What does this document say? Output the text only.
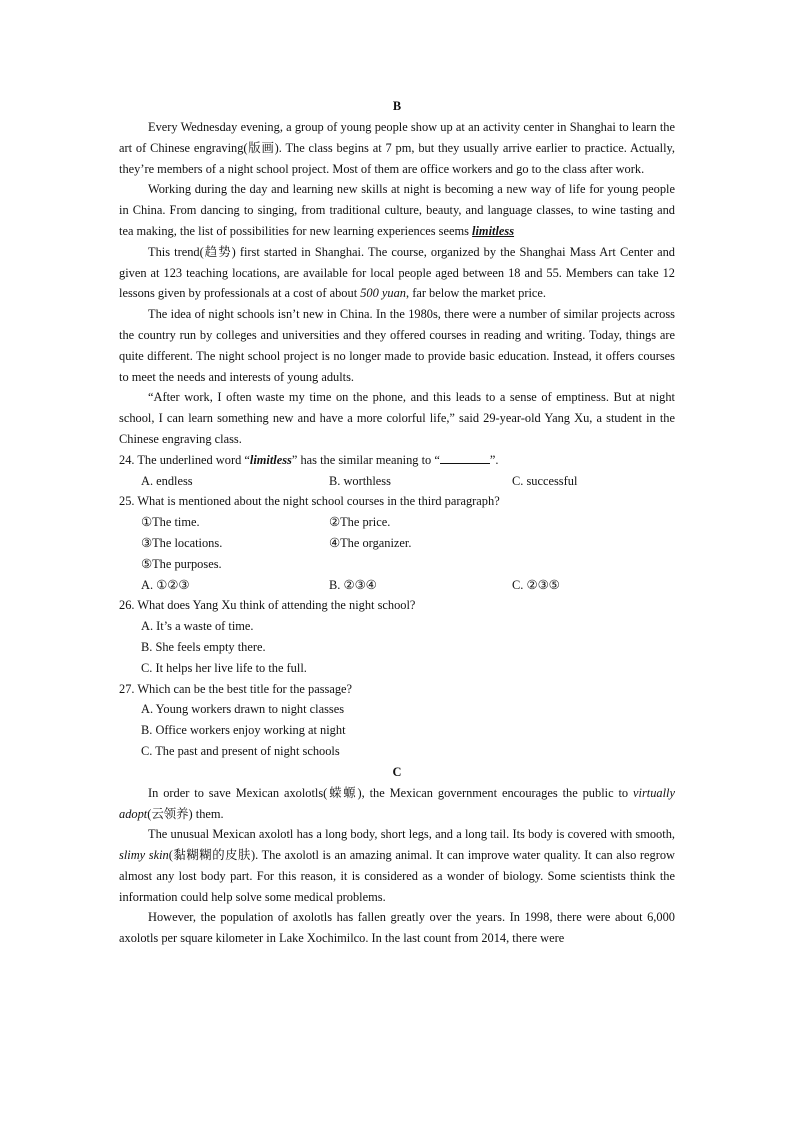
B

Every Wednesday evening, a group of young people show up at an activity center in Shanghai to learn the art of Chinese engraving(版画). The class begins at 7 pm, but they usually arrive earlier to practice. Actually, they’re members of a night school project. Most of them are office workers and go to the class after work.

Working during the day and learning new skills at night is becoming a new way of life for young people in China. From dancing to singing, from traditional culture, beauty, and language classes, to wine tasting and tea making, the list of possibilities for new learning experiences seems limitless

This trend(趋势) first started in Shanghai. The course, organized by the Shanghai Mass Art Center and given at 123 teaching locations, are available for local people aged between 18 and 55. Members can take 12 lessons given by professionals at a cost of about 500 yuan, far below the market price.

The idea of night schools isn’t new in China. In the 1980s, there were a number of similar projects across the country run by colleges and universities and they offered courses in reading and writing. Today, things are quite different. The night school project is no longer made to provide basic education. Instead, it offers courses to meet the needs and interests of young adults.

“After work, I often waste my time on the phone, and this leads to a sense of emptiness. But at night school, I can learn something new and have a more colorful life,” said 29-year-old Yang Xu, a student in the Chinese engraving class.

24. The underlined word “limitless” has the similar meaning to “	”.

A. endless	B. worthless	C. successful

25. What is mentioned about the night school courses in the third paragraph?

①The time.	②The price.
③The locations.	④The organizer.
⑤The purposes.
A. ①②③	B. ②③④	C. ②③⑤

26. What does Yang Xu think of attending the night school?

A. It’s a waste of time.

B. She feels empty there.

C. It helps her live life to the full.

27. Which can be the best title for the passage?

A. Young workers drawn to night classes

B. Office workers enjoy working at night

C. The past and present of night schools

C

In order to save Mexican axolotls(蝾螈), the Mexican government encourages the public to virtually adopt(云领养) them.

The unusual Mexican axolotl has a long body, short legs, and a long tail. Its body is covered with smooth, slimy skin(黏糊糊的皮肤). The axolotl is an amazing animal. It can improve water quality. It can also regrow almost any lost body part. For this reason, it is considered as a wonder of biology. Some scientists think the information could help solve some medical problems.

However, the population of axolotls has fallen greatly over the years. In 1998, there were about 6,000 axolotls per square kilometer in Lake Xochimilco. In the last count from 2014, there were
